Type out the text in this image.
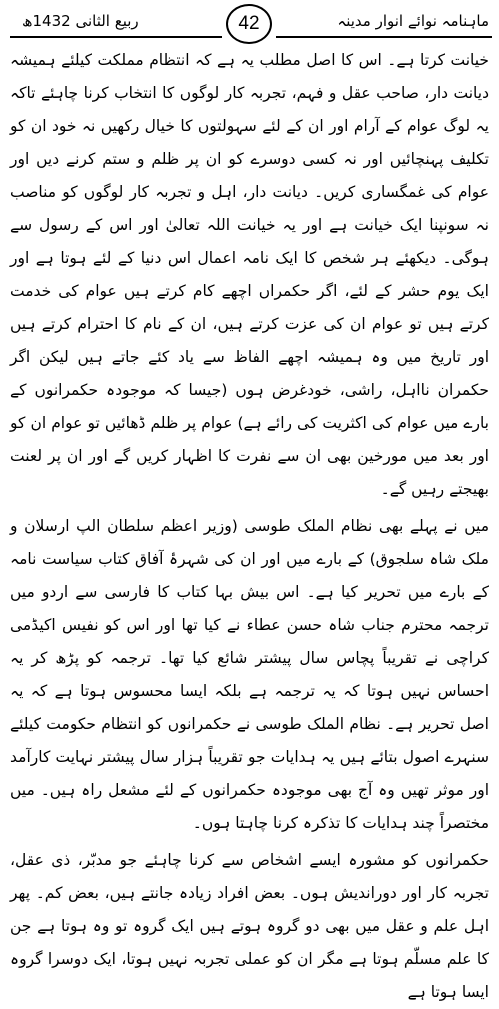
ماہنامہ نوائے انوار مدینہ
42
ربیع الثانی 1432ھ

خیانت کرتا ہے۔ اس کا اصل مطلب یہ ہے کہ انتظام مملکت کیلئے ہمیشہ دیانت دار، صاحب عقل و فہم، تجربہ کار لوگوں کا انتخاب کرنا چاہئے تاکہ یہ لوگ عوام کے آرام اور ان کے لئے سہولتوں کا خیال رکھیں نہ خود ان کو تکلیف پہنچائیں اور نہ کسی دوسرے کو ان پر ظلم و ستم کرنے دیں اور عوام کی غمگساری کریں۔ دیانت دار، اہل و تجربہ کار لوگوں کو مناصب نہ سونپنا ایک خیانت ہے اور یہ خیانت اللہ تعالیٰ اور اس کے رسول سے ہوگی۔ دیکھئے ہر شخص کا ایک نامہ اعمال اس دنیا کے لئے ہوتا ہے اور ایک یوم حشر کے لئے، اگر حکمراں اچھے کام کرتے ہیں عوام کی خدمت کرتے ہیں تو عوام ان کی عزت کرتے ہیں، ان کے نام کا احترام کرتے ہیں اور تاریخ میں وہ ہمیشہ اچھے الفاظ سے یاد کئے جاتے ہیں لیکن اگر حکمران نااہل، راشی، خودغرض ہوں (جیسا کہ موجودہ حکمرانوں کے بارے میں عوام کی اکثریت کی رائے ہے) عوام پر ظلم ڈھائیں تو عوام ان کو اور بعد میں مورخین بھی ان سے نفرت کا اظہار کریں گے اور ان پر لعنت بھیجتے رہیں گے۔

میں نے پہلے بھی نظام الملک طوسی (وزیر اعظم سلطان الپ ارسلان و ملک شاہ سلجوق) کے بارے میں اور ان کی شہرۂ آفاق کتاب سیاست نامہ کے بارے میں تحریر کیا ہے۔ اس بیش بہا کتاب کا فارسی سے اردو میں ترجمہ محترم جناب شاہ حسن عطاء نے کیا تھا اور اس کو نفیس اکیڈمی کراچی نے تقریباً پچاس سال پیشتر شائع کیا تھا۔ ترجمہ کو پڑھ کر یہ احساس نہیں ہوتا کہ یہ ترجمہ ہے بلکہ ایسا محسوس ہوتا ہے کہ یہ اصل تحریر ہے۔ نظام الملک طوسی نے حکمرانوں کو انتظام حکومت کیلئے سنہرے اصول بتائے ہیں یہ ہدایات جو تقریباً ہزار سال پیشتر نہایت کارآمد اور موثر تھیں وہ آج بھی موجودہ حکمرانوں کے لئے مشعل راہ ہیں۔ میں مختصراً چند ہدایات کا تذکرہ کرنا چاہتا ہوں۔

حکمرانوں کو مشورہ ایسے اشخاص سے کرنا چاہئے جو مدبّر، ذی عقل، تجربہ کار اور دوراندیش ہوں۔ بعض افراد زیادہ جانتے ہیں، بعض کم۔ پھر اہل علم و عقل میں بھی دو گروہ ہوتے ہیں ایک گروہ تو وہ ہوتا ہے جن کا علم مسلّم ہوتا ہے مگر ان کو عملی تجربہ نہیں ہوتا، ایک دوسرا گروہ ایسا ہوتا ہے
